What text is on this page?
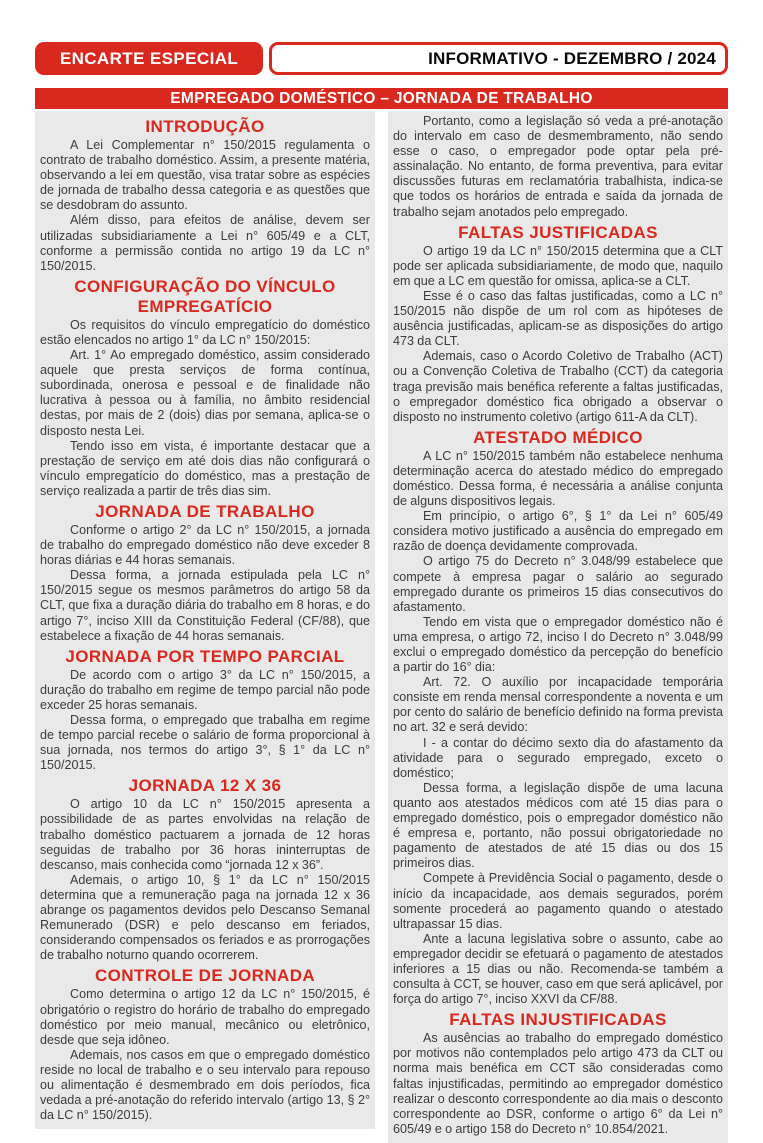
ENCARTE ESPECIAL	INFORMATIVO - DEZEMBRO / 2024
EMPREGADO DOMÉSTICO – JORNADA DE TRABALHO
INTRODUÇÃO

A Lei Complementar n° 150/2015 regulamenta o contrato de trabalho doméstico. Assim, a presente matéria, observando a lei em questão, visa tratar sobre as espécies de jornada de trabalho dessa categoria e as questões que se desdobram do assunto.

Além disso, para efeitos de análise, devem ser utilizadas subsidiariamente a Lei n° 605/49 e a CLT, conforme a permissão contida no artigo 19 da LC n° 150/2015.

CONFIGURAÇÃO DO VÍNCULO EMPREGATÍCIO

Os requisitos do vínculo empregatício do doméstico estão elencados no artigo 1° da LC n° 150/2015:

Art. 1° Ao empregado doméstico, assim considerado aquele que presta serviços de forma contínua, subordinada, onerosa e pessoal e de finalidade não lucrativa à pessoa ou à família, no âmbito residencial destas, por mais de 2 (dois) dias por semana, aplica-se o disposto nesta Lei.

Tendo isso em vista, é importante destacar que a prestação de serviço em até dois dias não configurará o vínculo empregatício do doméstico, mas a prestação de serviço realizada a partir de três dias sim.

JORNADA DE TRABALHO

Conforme o artigo 2° da LC n° 150/2015, a jornada de trabalho do empregado doméstico não deve exceder 8 horas diárias e 44 horas semanais.

Dessa forma, a jornada estipulada pela LC n° 150/2015 segue os mesmos parâmetros do artigo 58 da CLT, que fixa a duração diária do trabalho em 8 horas, e do artigo 7°, inciso XIII da Constituição Federal (CF/88), que estabelece a fixação de 44 horas semanais.

JORNADA POR TEMPO PARCIAL

De acordo com o artigo 3° da LC n° 150/2015, a duração do trabalho em regime de tempo parcial não pode exceder 25 horas semanais.

Dessa forma, o empregado que trabalha em regime de tempo parcial recebe o salário de forma proporcional à sua jornada, nos termos do artigo 3°, § 1° da LC n° 150/2015.

JORNADA 12 X 36

O artigo 10 da LC n° 150/2015 apresenta a possibilidade de as partes envolvidas na relação de trabalho doméstico pactuarem a jornada de 12 horas seguidas de trabalho por 36 horas ininterruptas de descanso, mais conhecida como “jornada 12 x 36”.

Ademais, o artigo 10, § 1° da LC n° 150/2015 determina que a remuneração paga na jornada 12 x 36 abrange os pagamentos devidos pelo Descanso Semanal Remunerado (DSR) e pelo descanso em feriados, considerando compensados os feriados e as prorrogações de trabalho noturno quando ocorrerem.

CONTROLE DE JORNADA

Como determina o artigo 12 da LC n° 150/2015, é obrigatório o registro do horário de trabalho do empregado doméstico por meio manual, mecânico ou eletrônico, desde que seja idôneo.

Ademais, nos casos em que o empregado doméstico reside no local de trabalho e o seu intervalo para repouso ou alimentação é desmembrado em dois períodos, fica vedada a pré-anotação do referido intervalo (artigo 13, § 2° da LC n° 150/2015).

Portanto, como a legislação só veda a pré-anotação do intervalo em caso de desmembramento, não sendo esse o caso, o empregador pode optar pela pré-assinalação. No entanto, de forma preventiva, para evitar discussões futuras em reclamatória trabalhista, indica-se que todos os horários de entrada e saída da jornada de trabalho sejam anotados pelo empregado.

FALTAS JUSTIFICADAS

O artigo 19 da LC n° 150/2015 determina que a CLT pode ser aplicada subsidiariamente, de modo que, naquilo em que a LC em questão for omissa, aplica-se a CLT.

Esse é o caso das faltas justificadas, como a LC n° 150/2015 não dispõe de um rol com as hipóteses de ausência justificadas, aplicam-se as disposições do artigo 473 da CLT.

Ademais, caso o Acordo Coletivo de Trabalho (ACT) ou a Convenção Coletiva de Trabalho (CCT) da categoria traga previsão mais benéfica referente a faltas justificadas, o empregador doméstico fica obrigado a observar o disposto no instrumento coletivo (artigo 611-A da CLT).

ATESTADO MÉDICO

A LC n° 150/2015 também não estabelece nenhuma determinação acerca do atestado médico do empregado doméstico. Dessa forma, é necessária a análise conjunta de alguns dispositivos legais.

Em princípio, o artigo 6°, § 1° da Lei n° 605/49 considera motivo justificado a ausência do empregado em razão de doença devidamente comprovada.

O artigo 75 do Decreto n° 3.048/99 estabelece que compete à empresa pagar o salário ao segurado empregado durante os primeiros 15 dias consecutivos do afastamento.

Tendo em vista que o empregador doméstico não é uma empresa, o artigo 72, inciso I do Decreto n° 3.048/99 exclui o empregado doméstico da percepção do benefício a partir do 16° dia:

Art. 72. O auxílio por incapacidade temporária consiste em renda mensal correspondente a noventa e um por cento do salário de benefício definido na forma prevista no art. 32 e será devido:

I - a contar do décimo sexto dia do afastamento da atividade para o segurado empregado, exceto o doméstico;

Dessa forma, a legislação dispõe de uma lacuna quanto aos atestados médicos com até 15 dias para o empregado doméstico, pois o empregador doméstico não é empresa e, portanto, não possui obrigatoriedade no pagamento de atestados de até 15 dias ou dos 15 primeiros dias.

Compete à Previdência Social o pagamento, desde o início da incapacidade, aos demais segurados, porém somente procederá ao pagamento quando o atestado ultrapassar 15 dias.

Ante a lacuna legislativa sobre o assunto, cabe ao empregador decidir se efetuará o pagamento de atestados inferiores a 15 dias ou não. Recomenda-se também a consulta à CCT, se houver, caso em que será aplicável, por força do artigo 7°, inciso XXVI da CF/88.

FALTAS INJUSTIFICADAS

As ausências ao trabalho do empregado doméstico por motivos não contemplados pelo artigo 473 da CLT ou norma mais benéfica em CCT são consideradas como faltas injustificadas, permitindo ao empregador doméstico realizar o desconto correspondente ao dia mais o desconto correspondente ao DSR, conforme o artigo 6° da Lei n° 605/49 e o artigo 158 do Decreto n° 10.854/2021.
